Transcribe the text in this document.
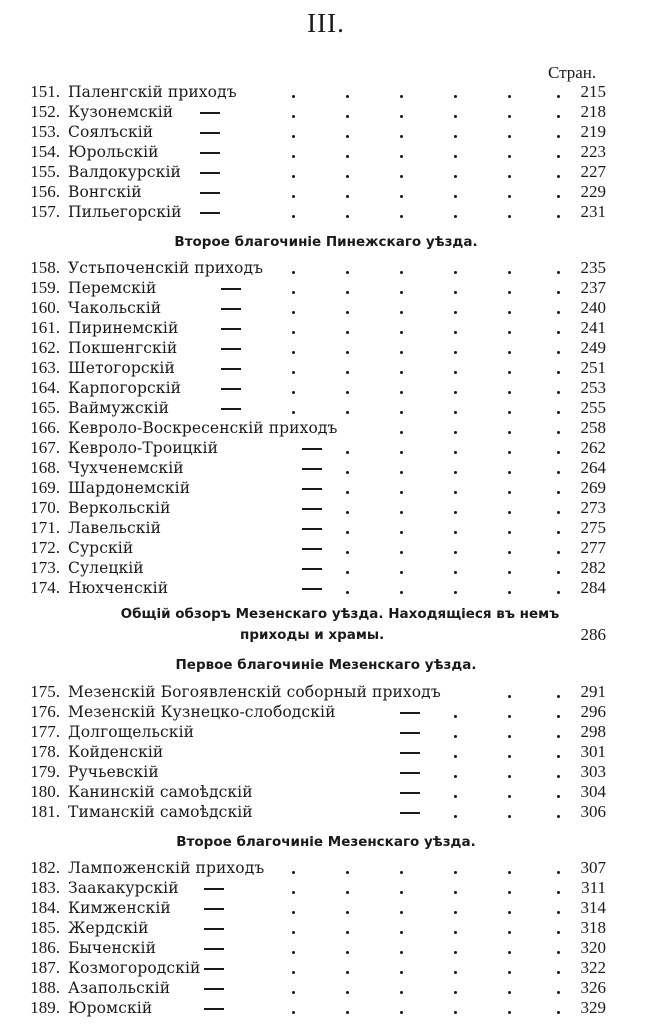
III.
Стран.
151. Паленгскій приходъ	215
152. Кузонемскій	218
153. Соялъскій	219
154. Юрольскій	223
155. Валдокурскій	227
156. Вонгскій	229
157. Пильегорскій	231
Второе благочиніе Пинежскаго уѣзда.
158. Устьпоченскій приходъ	235
159. Перемскій	237
160. Чакольскій	240
161. Пиринемскій	241
162. Покшенгскій	249
163. Шетогорскій	251
164. Карпогорскій	253
165. Ваймужскій	255
166. Кевроло-Воскресенскій приходъ	258
167. Кевроло-Троицкій	262
168. Чухченемскій	264
169. Шардонемскій	269
170. Веркольскій	273
171. Лавельскій	275
172. Сурскій	277
173. Сулецкій	282
174. Нюхченскій	284
Общій обзоръ Мезенскаго уѣзда. Находящіеся въ немъ
приходы и храмы.	286
Первое благочиніе Мезенскаго уѣзда.
175. Мезенскій Богоявленскій соборный приходъ	291
176. Мезенскій Кузнецко-слободскій	296
177. Долгощельскій	298
178. Койденскій	301
179. Ручьевскій	303
180. Канинскій самоѣдскій	304
181. Тиманскій самоѣдскій	306
Второе благочиніе Мезенскаго уѣзда.
182. Лампоженскій приходъ	307
183. Заакакурскій	311
184. Кимженскій	314
185. Жердскій	318
186. Быченскій	320
187. Козмогородскій	322
188. Азапольскій	326
189. Юромскій	329
